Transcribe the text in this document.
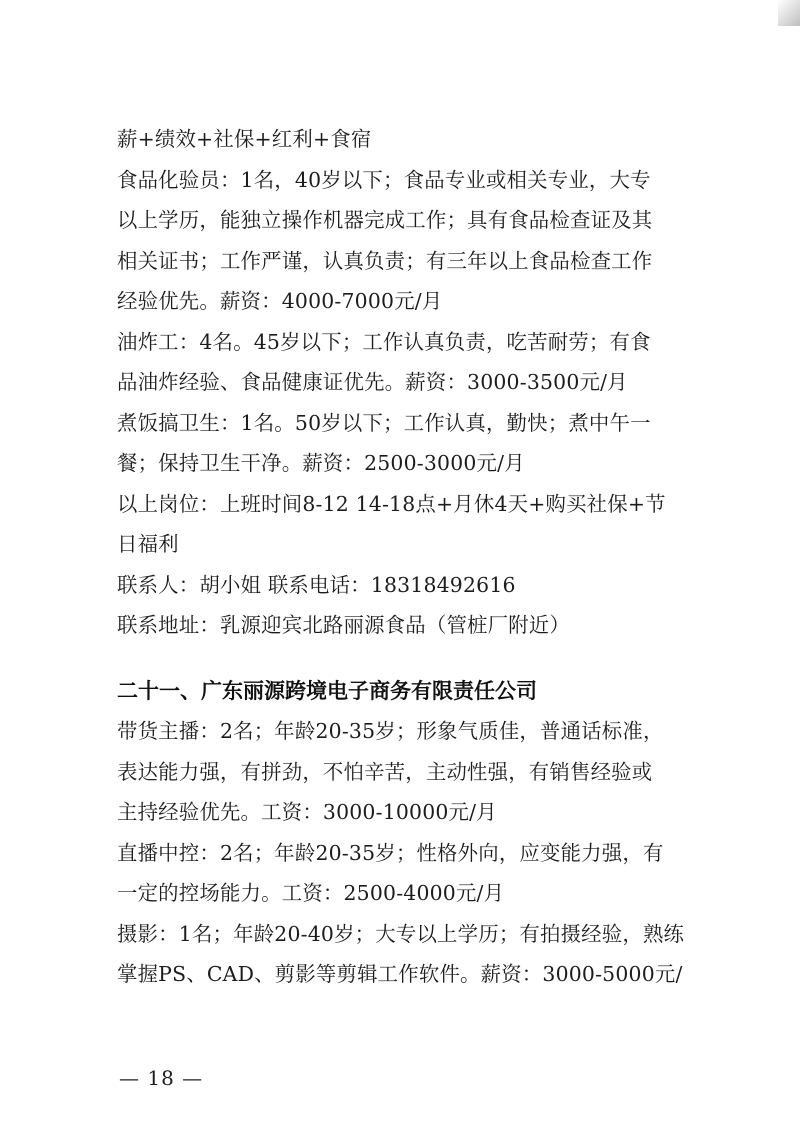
薪+绩效+社保+红利+食宿
食品化验员：1名，40岁以下；食品专业或相关专业，大专
以上学历，能独立操作机器完成工作；具有食品检查证及其
相关证书；工作严谨，认真负责；有三年以上食品检查工作
经验优先。薪资：4000-7000元/月
油炸工：4名。45岁以下；工作认真负责，吃苦耐劳；有食
品油炸经验、食品健康证优先。薪资：3000-3500元/月
煮饭搞卫生：1名。50岁以下；工作认真，勤快；煮中午一
餐；保持卫生干净。薪资：2500-3000元/月
以上岗位：上班时间8-12 14-18点+月休4天+购买社保+节
日福利
联系人：胡小姐 联系电话：18318492616
联系地址：乳源迎宾北路丽源食品（管桩厂附近）
二十一、广东丽源跨境电子商务有限责任公司
带货主播：2名；年龄20-35岁；形象气质佳，普通话标准，
表达能力强，有拼劲，不怕辛苦，主动性强，有销售经验或
主持经验优先。工资：3000-10000元/月
直播中控：2名；年龄20-35岁；性格外向，应变能力强，有
一定的控场能力。工资：2500-4000元/月
摄影：1名；年龄20-40岁；大专以上学历；有拍摄经验，熟练
掌握PS、CAD、剪影等剪辑工作软件。薪资：3000-5000元/
— 18 —
